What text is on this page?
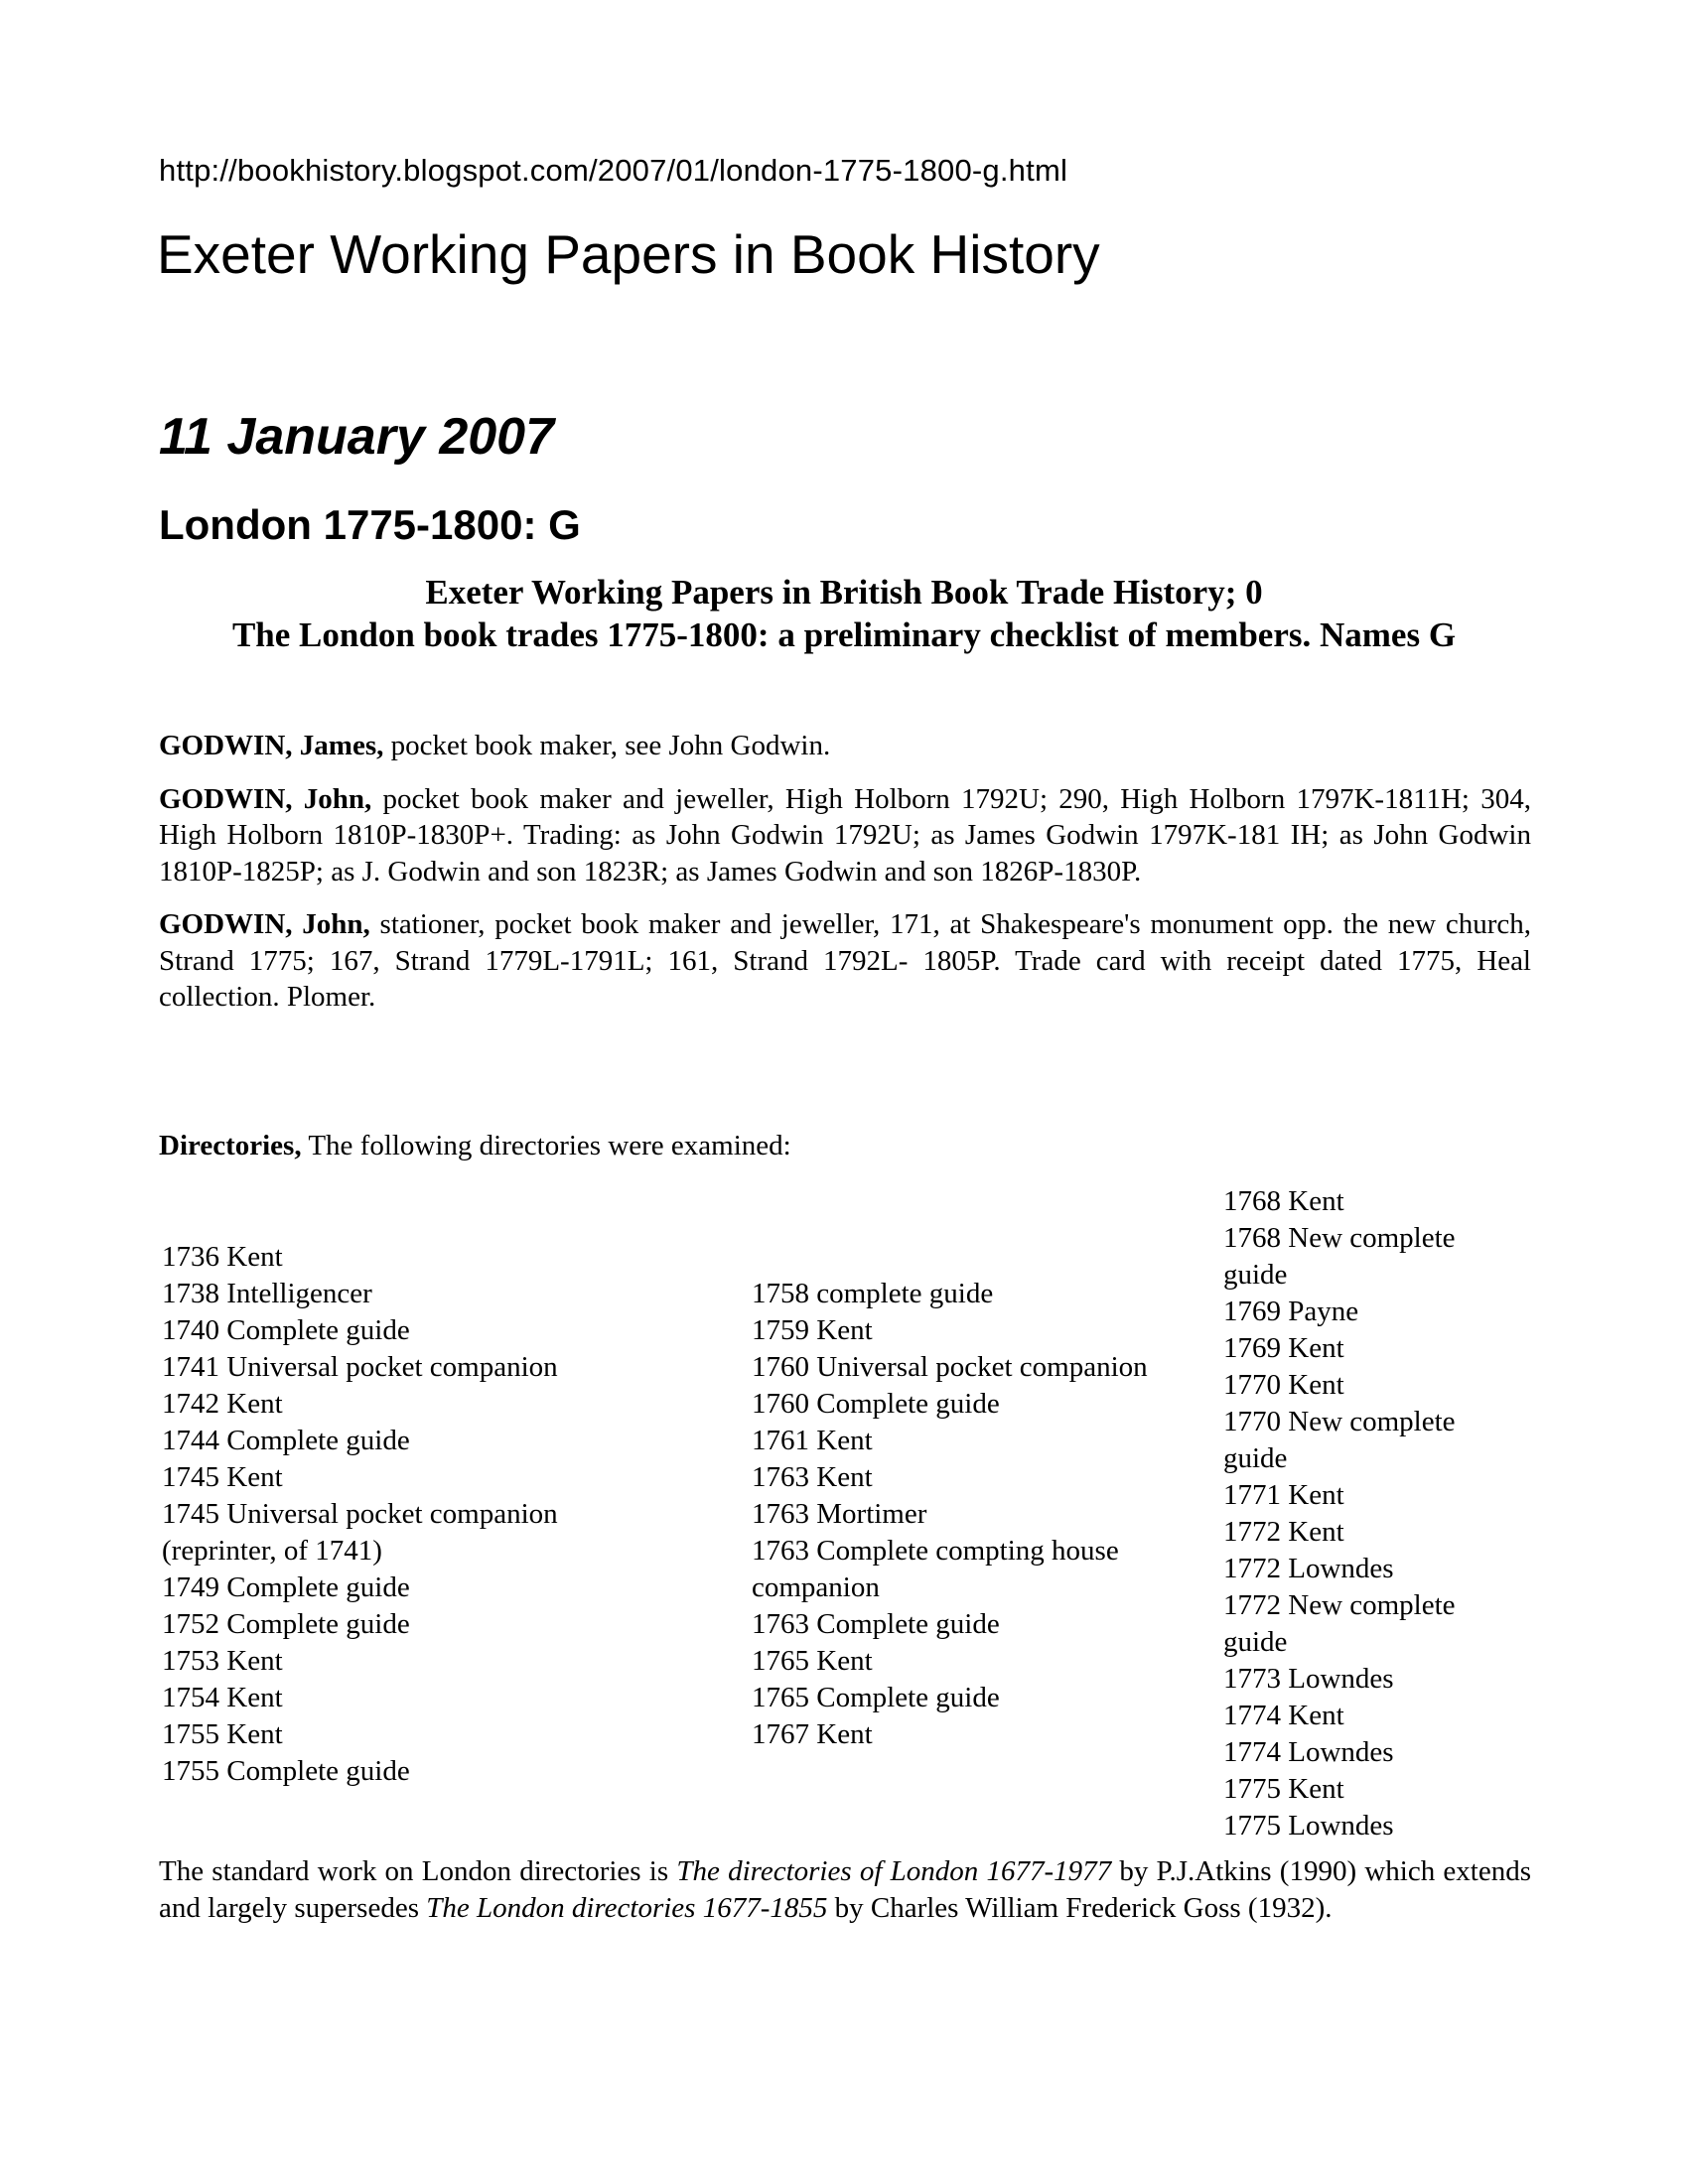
http://bookhistory.blogspot.com/2007/01/london-1775-1800-g.html
Exeter Working Papers in Book History
11 January 2007
London 1775-1800: G
Exeter Working Papers in British Book Trade History; 0
The London book trades 1775-1800: a preliminary checklist of members. Names G

GODWIN, James, pocket book maker, see John Godwin.

GODWIN, John, pocket book maker and jeweller, High Holborn 1792U; 290, High Holborn 1797K-1811H; 304, High Holborn 1810P-1830P+. Trading: as John Godwin 1792U; as James Godwin 1797K-181 IH; as John Godwin 1810P-1825P; as J. Godwin and son 1823R; as James Godwin and son 1826P-1830P.

GODWIN, John, stationer, pocket book maker and jeweller, 171, at Shakespeare's monument opp. the new church, Strand 1775; 167, Strand 1779L-1791L; 161, Strand 1792L- 1805P. Trade card with receipt dated 1775, Heal collection. Plomer.

Directories, The following directories were examined:
1736 Kent
1738 Intelligencer
1740 Complete guide
1741 Universal pocket companion
1742 Kent
1744 Complete guide
1745 Kent
1745 Universal pocket companion
(reprinter, of 1741)
1749 Complete guide
1752 Complete guide
1753 Kent
1754 Kent
1755 Kent
1755 Complete guide
1758 complete guide
1759 Kent
1760 Universal pocket companion
1760 Complete guide
1761 Kent
1763 Kent
1763 Mortimer
1763 Complete compting house
companion
1763 Complete guide
1765 Kent
1765 Complete guide
1767 Kent
1768 Kent
1768 New complete
guide
1769 Payne
1769 Kent
1770 Kent
1770 New complete
guide
1771 Kent
1772 Kent
1772 Lowndes
1772 New complete
guide
1773 Lowndes
1774 Kent
1774 Lowndes
1775 Kent
1775 Lowndes
The standard work on London directories is The directories of London 1677-1977 by P.J.Atkins (1990) which extends and largely supersedes The London directories 1677-1855 by Charles William Frederick Goss (1932).
